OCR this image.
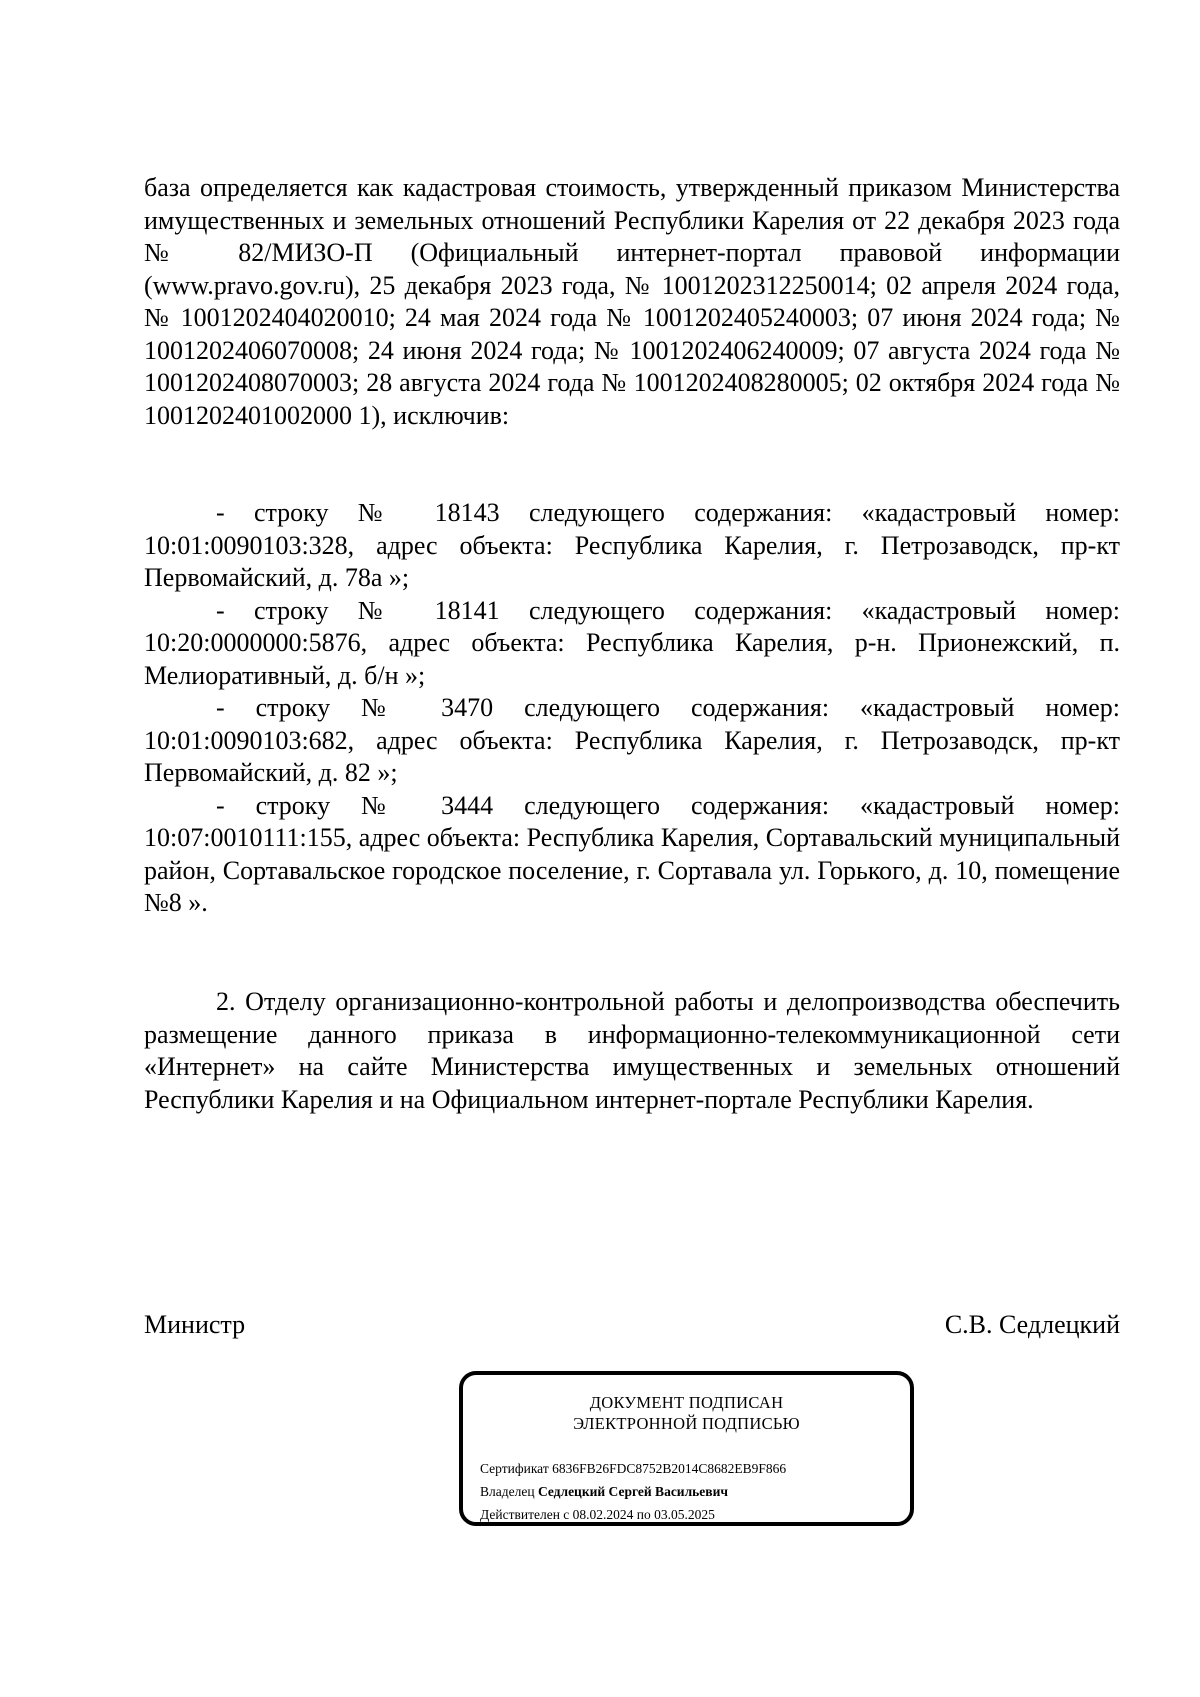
база определяется как кадастровая стоимость, утвержденный приказом Министерства имущественных и земельных отношений Республики Карелия от 22 декабря 2023 года № 82/МИЗО-П (Официальный интернет-портал правовой информации (www.pravo.gov.ru), 25 декабря 2023 года, № 1001202312250014; 02 апреля 2024 года, № 1001202404020010; 24 мая 2024 года № 1001202405240003; 07 июня 2024 года; № 1001202406070008; 24 июня 2024 года; № 1001202406240009; 07 августа 2024 года № 1001202408070003; 28 августа 2024 года № 1001202408280005; 02 октября 2024 года № 1001202401002000 1), исключив:

- строку № 18143 следующего содержания: «кадастровый номер: 10:01:0090103:328, адрес объекта: Республика Карелия, г. Петрозаводск, пр-кт Первомайский, д. 78а »;

- строку № 18141 следующего содержания: «кадастровый номер: 10:20:0000000:5876, адрес объекта: Республика Карелия, р-н. Прионежский, п. Мелиоративный, д. б/н »;

- строку № 3470 следующего содержания: «кадастровый номер: 10:01:0090103:682, адрес объекта: Республика Карелия, г. Петрозаводск, пр-кт Первомайский, д. 82 »;

- строку № 3444 следующего содержания: «кадастровый номер: 10:07:0010111:155, адрес объекта: Республика Карелия, Сортавальский муниципальный район, Сортавальское городское поселение, г. Сортавала ул. Горького, д. 10, помещение №8 ».

2. Отделу организационно-контрольной работы и делопроизводства обеспечить размещение данного приказа в информационно-телекоммуникационной сети «Интернет» на сайте Министерства имущественных и земельных отношений Республики Карелия и на Официальном интернет-портале Республики Карелия.

Министр	С.В. Седлецкий
ДОКУМЕНТ ПОДПИСАН
ЭЛЕКТРОННОЙ ПОДПИСЬЮ
Сертификат 6836FB26FDC8752B2014C8682EB9F866
Владелец Седлецкий Сергей Васильевич
Действителен с 08.02.2024 по 03.05.2025
